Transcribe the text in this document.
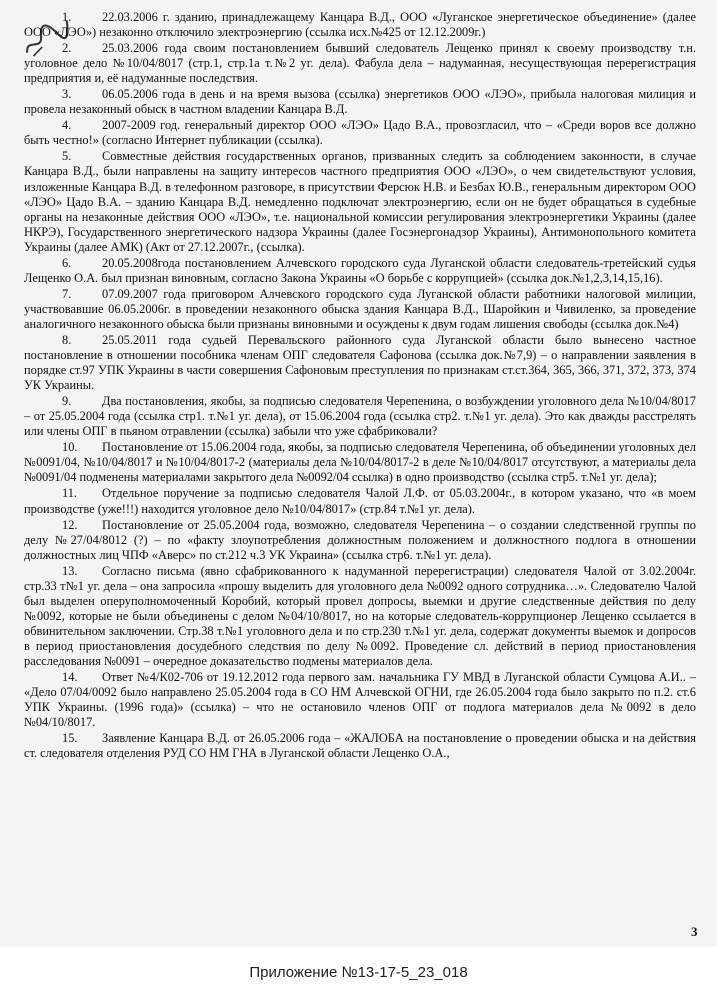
1. 22.03.2006 г. зданию, принадлежащему Канцара В.Д., ООО «Луганское энергетическое объединение» (далее ООО «ЛЭО») незаконно отключило электроэнергию (ссылка исх.№425 от 12.12.2009г.)

2. 25.03.2006 года своим постановлением бывший следователь Лещенко принял к своему производству т.н. уголовное дело №10/04/8017 (стр.1, стр.1а т.№2 уг. дела). Фабула дела – надуманная, несуществующая перерегистрация предприятия и, её надуманные последствия.

3. 06.05.2006 года в день и на время вызова (ссылка) энергетиков ООО «ЛЭО», прибыла налоговая милиция и провела незаконный обыск в частном владении Канцара В.Д.

4. 2007-2009 год. генеральный директор ООО «ЛЭО» Цадо В.А., провозгласил, что – «Среди воров все должно быть честно!» (согласно Интернет публикации (ссылка).

5. Совместные действия государственных органов, призванных следить за соблюдением законности, в случае Канцара В.Д., были направлены на защиту интересов частного предприятия ООО «ЛЭО», о чем свидетельствуют условия, изложенные Канцара В.Д. в телефонном разговоре, в присутствии Ферсюк Н.В. и Безбах Ю.В., генеральным директором ООО «ЛЭО» Цадо В.А. – зданию Канцара В.Д. немедленно подключат электроэнергию, если он не будет обращаться в судебные органы на незаконные действия ООО «ЛЭО», т.е. национальной комиссии регулирования электроэнергетики Украины (далее НКРЭ), Государственного энергетического надзора Украины (далее Госэнергонадзор Украины), Антимонопольного комитета Украины (далее АМК) (Акт от 27.12.2007г., (ссылка).

6. 20.05.2008года постановлением Алчевского городского суда Луганской области следователь-третейский судья Лещенко О.А. был признан виновным, согласно Закона Украины «О борьбе с коррупцией» (ссылка док.№1,2,3,14,15,16).

7. 07.09.2007 года приговором Алчевского городского суда Луганской области работники налоговой милиции, участвовавшие 06.05.2006г. в проведении незаконного обыска здания Канцара В.Д., Шаройкин и Чивиленко, за проведение аналогичного незаконного обыска были признаны виновными и осуждены к двум годам лишения свободы (ссылка док.№4)

8. 25.05.2011 года судьей Перевальского районного суда Луганской области было вынесено частное постановление в отношении пособника членам ОПГ следователя Сафонова (ссылка док.№7,9) – о направлении заявления в порядке ст.97 УПК Украины в части совершения Сафоновым преступления по признакам ст.ст.364, 365, 366, 371, 372, 373, 374 УК Украины.

9. Два постановления, якобы, за подписью следователя Черепенина, о возбуждении уголовного дела №10/04/8017 – от 25.05.2004 года (ссылка стр1. т.№1 уг. дела), от 15.06.2004 года (ссылка стр2. т.№1 уг. дела). Это как дважды расстрелять или члены ОПГ в пьяном отравлении (ссылка) забыли что уже сфабриковали?

10. Постановление от 15.06.2004 года, якобы, за подписью следователя Черепенина, об объединении уголовных дел №0091/04, №10/04/8017 и №10/04/8017-2 (материалы дела №10/04/8017-2 в деле №10/04/8017 отсутствуют, а материалы дела №0091/04 подменены материалами закрытого дела №0092/04 ссылка) в одно производство (ссылка стр5. т.№1 уг. дела);

11. Отдельное поручение за подписью следователя Чалой Л.Ф. от 05.03.2004г., в котором указано, что «в моем производстве (уже!!!) находится уголовное дело №10/04/8017» (стр.84 т.№1 уг. дела).

12. Постановление от 25.05.2004 года, возможно, следователя Черепенина – о создании следственной группы по делу №27/04/8012 (?) – по «факту злоупотребления должностным положением и должностного подлога в отношении должностных лиц ЧПФ «Аверс» по ст.212 ч.3 УК Украина» (ссылка стр6. т.№1 уг. дела).

13. Согласно письма (явно сфабрикованного к надуманной перерегистрации) следователя Чалой от 3.02.2004г. стр.33 т№1 уг. дела – она запросила «прошу выделить для уголовного дела №0092 одного сотрудника…». Следователю Чалой был выделен оперуполномоченный Коробий, который провел допросы, выемки и другие следственные действия по делу №0092, которые не были объединены с делом №04/10/8017, но на которые следователь-коррупционер Лещенко ссылается в обвинительном заключении. Стр.38 т.№1 уголовного дела и по стр.230 т.№1 уг. дела, содержат документы выемок и допросов в период приостановления досудебного следствия по делу №0092. Проведение сл. действий в период приостановления расследования №0091 – очередное доказательство подмены материалов дела.

14. Ответ №4/К02-706 от 19.12.2012 года первого зам. начальника ГУ МВД в Луганской области Сумцова А.И.. – «Дело 07/04/0092 было направлено 25.05.2004 года в СО НМ Алчевской ОГНИ, где 26.05.2004 года было закрыто по п.2. ст.6 УПК Украины. (1996 года)» (ссылка) – что не остановило членов ОПГ от подлога материалов дела №0092 в дело №04/10/8017.

15. Заявление Канцара В.Д. от 26.05.2006 года – «ЖАЛОБА на постановление о проведении обыска и на действия ст. следователя отделения РУД СО НМ ГНА в Луганской области Лещенко О.А.,

3
Приложение №13-17-5_23_018
